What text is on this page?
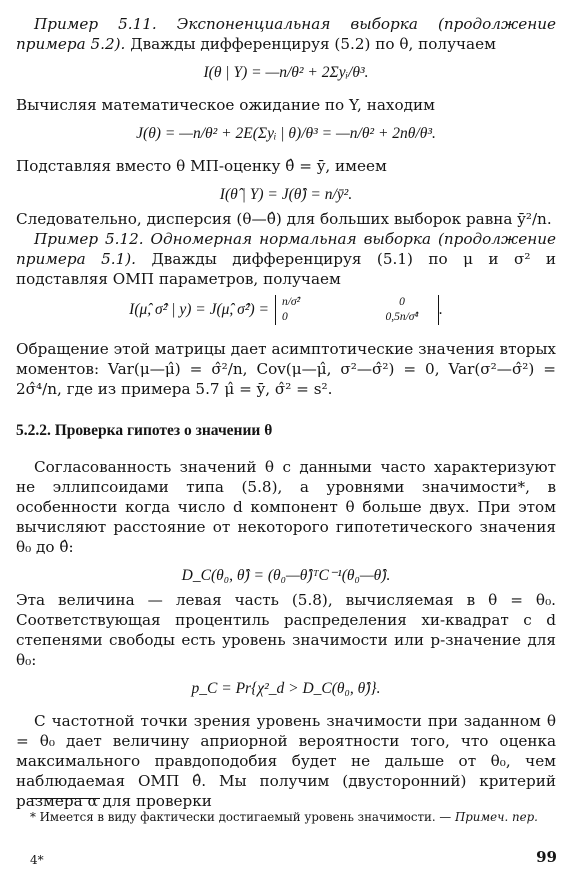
Пример 5.11. Экспоненциальная выборка (продолжение примера 5.2). Дважды дифференцируя (5.2) по θ, получаем

I(θ | Y) = —n/θ² + 2Σyᵢ/θ³.

Вычисляя математическое ожидание по Y, находим

J(θ) = —n/θ² + 2E(Σyᵢ | θ)/θ³ = —n/θ² + 2nθ/θ³.

Подставляя вместо θ МП-оценку θ̂ = ȳ, имеем

I(θ̂ | Y) = J(θ̂) = n/ȳ².

Следовательно, дисперсия (θ—θ̂) для больших выборок равна ȳ²/n.

Пример 5.12. Одномерная нормальная выборка (продолжение примера 5.1). Дважды дифференцируя (5.1) по μ и σ² и подставляя ОМП параметров, получаем

I(μ̂, σ̂² | y) = J(μ̂, σ̂²) = n/σ̂²	0
0	0,5n/σ̂⁴	.

Обращение этой матрицы дает асимптотические значения вторых моментов: Var(μ—μ̂) = σ̂²/n, Cov(μ—μ̂, σ²—σ̂²) = 0, Var(σ²—σ̂²) = 2σ̂⁴/n, где из примера 5.7 μ̂ = ȳ, σ̂² = s².

5.2.2. Проверка гипотез о значении θ

Согласованность значений θ с данными часто характеризуют не эллипсоидами типа (5.8), а уровнями значимости*, в особенности когда число d компонент θ больше двух. При этом вычисляют расстояние от некоторого гипотетического значения θ₀ до θ̂:

D_C(θ₀, θ̂) = (θ₀—θ̂)ᵀC⁻¹(θ₀—θ̂).

Эта величина — левая часть (5.8), вычисляемая в θ = θ₀. Соответствующая процентиль распределения хи-квадрат с d степенями свободы есть уровень значимости или p-значение для θ₀:

p_C = Pr{χ²_d > D_C(θ₀, θ̂)}.

С частотной точки зрения уровень значимости при заданном θ = θ₀ дает величину априорной вероятности того, что оценка максимального правдоподобия будет не дальше от θ₀, чем наблюдаемая ОМП θ̂. Мы получим (двусторонний) критерий размера α для проверки

* Имеется в виду фактически достигаемый уровень значимости. — Примеч. пер.
4*	99
